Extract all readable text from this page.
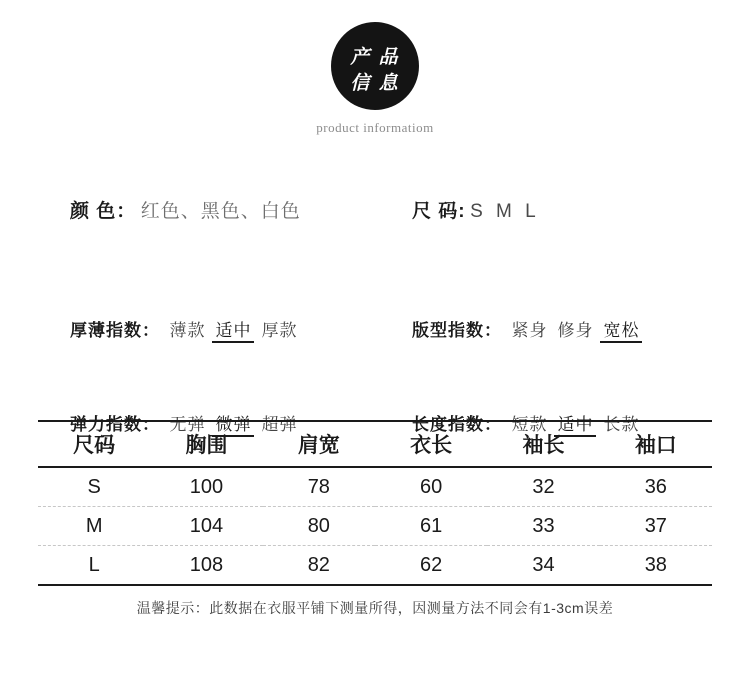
产 品
信 息
product informatiom
颜 色： 红色、黑色、白色	尺 码: S M L
厚薄指数： 薄款 适中 厚款	版型指数： 紧身 修身 宽松
弹力指数： 无弹 微弹 超弹	长度指数： 短款 适中 长款
尺码	胸围	肩宽	衣长	袖长	袖口
S	100	78	60	32	36
M	104	80	61	33	37
L	108	82	62	34	38
温馨提示：此数据在衣服平铺下测量所得，因测量方法不同会有1-3cm误差
